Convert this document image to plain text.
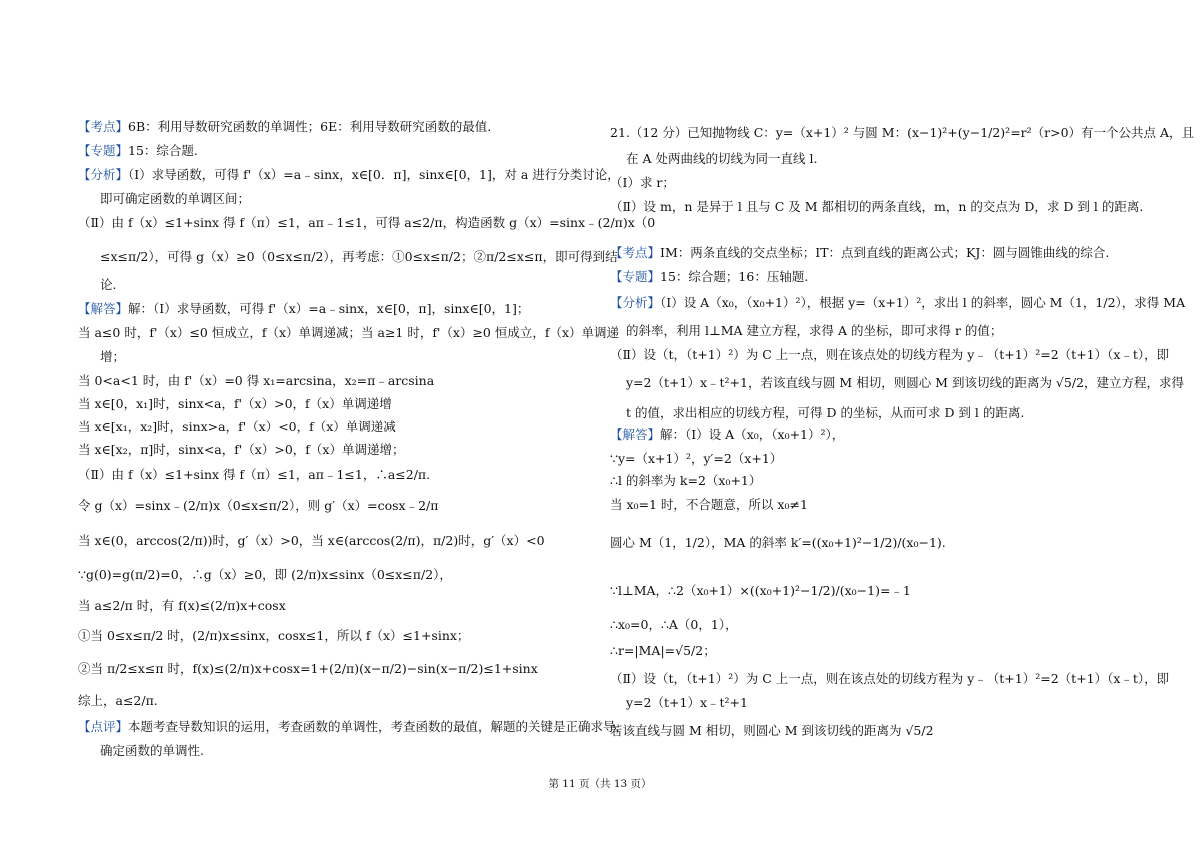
【考点】6B：利用导数研究函数的单调性；6E：利用导数研究函数的最值.
【专题】15：综合题.
【分析】（Ⅰ）求导函数，可得 f'（x）=a﹣sinx，x∈[0．π]，sinx∈[0，1]，对 a 进行分类讨论，
即可确定函数的单调区间；
（Ⅱ）由 f（x）≤1+sinx 得 f（π）≤1，aπ﹣1≤1，可得 a≤2/π，构造函数 g（x）=sinx﹣(2/π)x（0
≤x≤π/2），可得 g（x）≥0（0≤x≤π/2），再考虑：①0≤x≤π/2；②π/2≤x≤π，即可得到结
论.
【解答】解：（Ⅰ）求导函数，可得 f'（x）=a﹣sinx，x∈[0，π]，sinx∈[0，1]；
当 a≤0 时，f'（x）≤0 恒成立，f（x）单调递减；当 a≥1 时，f'（x）≥0 恒成立，f（x）单调递
增；
当 0<a<1 时，由 f'（x）=0 得 x₁=arcsina，x₂=π﹣arcsina
当 x∈[0，x₁]时，sinx<a，f'（x）>0，f（x）单调递增
当 x∈[x₁，x₂]时，sinx>a，f'（x）<0，f（x）单调递减
当 x∈[x₂，π]时，sinx<a，f'（x）>0，f（x）单调递增；
（Ⅱ）由 f（x）≤1+sinx 得 f（π）≤1，aπ﹣1≤1，∴a≤2/π.
令 g（x）=sinx﹣(2/π)x（0≤x≤π/2），则 g′（x）=cosx﹣2/π
当 x∈(0，arccos(2/π))时，g′（x）>0，当 x∈(arccos(2/π)，π/2)时，g′（x）<0
∵g(0)=g(π/2)=0，∴g（x）≥0，即 (2/π)x≤sinx（0≤x≤π/2），
当 a≤2/π 时，有 f(x)≤(2/π)x+cosx
①当 0≤x≤π/2 时，(2/π)x≤sinx，cosx≤1，所以 f（x）≤1+sinx；
②当 π/2≤x≤π 时，f(x)≤(2/π)x+cosx=1+(2/π)(x−π/2)−sin(x−π/2)≤1+sinx
综上，a≤2/π.
【点评】本题考查导数知识的运用，考查函数的单调性，考查函数的最值，解题的关键是正确求导，
确定函数的单调性.
21.（12 分）已知抛物线 C：y=（x+1）² 与圆 M：(x−1)²+(y−1/2)²=r²（r>0）有一个公共点 A，且
在 A 处两曲线的切线为同一直线 l.
（Ⅰ）求 r；
（Ⅱ）设 m，n 是异于 l 且与 C 及 M 都相切的两条直线，m，n 的交点为 D，求 D 到 l 的距离.
【考点】IM：两条直线的交点坐标；IT：点到直线的距离公式；KJ：圆与圆锥曲线的综合.
【专题】15：综合题；16：压轴题.
【分析】（Ⅰ）设 A（x₀，（x₀+1）²），根据 y=（x+1）²，求出 l 的斜率，圆心 M（1，1/2），求得 MA
的斜率，利用 l⊥MA 建立方程，求得 A 的坐标，即可求得 r 的值；
（Ⅱ）设（t，（t+1）²）为 C 上一点，则在该点处的切线方程为 y﹣（t+1）²=2（t+1）（x﹣t），即
y=2（t+1）x﹣t²+1，若该直线与圆 M 相切，则圆心 M 到该切线的距离为 √5/2，建立方程，求得
t 的值，求出相应的切线方程，可得 D 的坐标，从而可求 D 到 l 的距离.
【解答】解：（Ⅰ）设 A（x₀，（x₀+1）²），
∵y=（x+1）²，y′=2（x+1）
∴l 的斜率为 k=2（x₀+1）
当 x₀=1 时，不合题意，所以 x₀≠1
圆心 M（1，1/2），MA 的斜率 k′=((x₀+1)²−1/2)/(x₀−1).
∵l⊥MA，∴2（x₀+1）×((x₀+1)²−1/2)/(x₀−1)=﹣1
∴x₀=0，∴A（0，1），
∴r=|MA|=√5/2；
（Ⅱ）设（t，（t+1）²）为 C 上一点，则在该点处的切线方程为 y﹣（t+1）²=2（t+1）（x﹣t），即
y=2（t+1）x﹣t²+1
若该直线与圆 M 相切，则圆心 M 到该切线的距离为 √5/2
第 11 页（共 13 页）
